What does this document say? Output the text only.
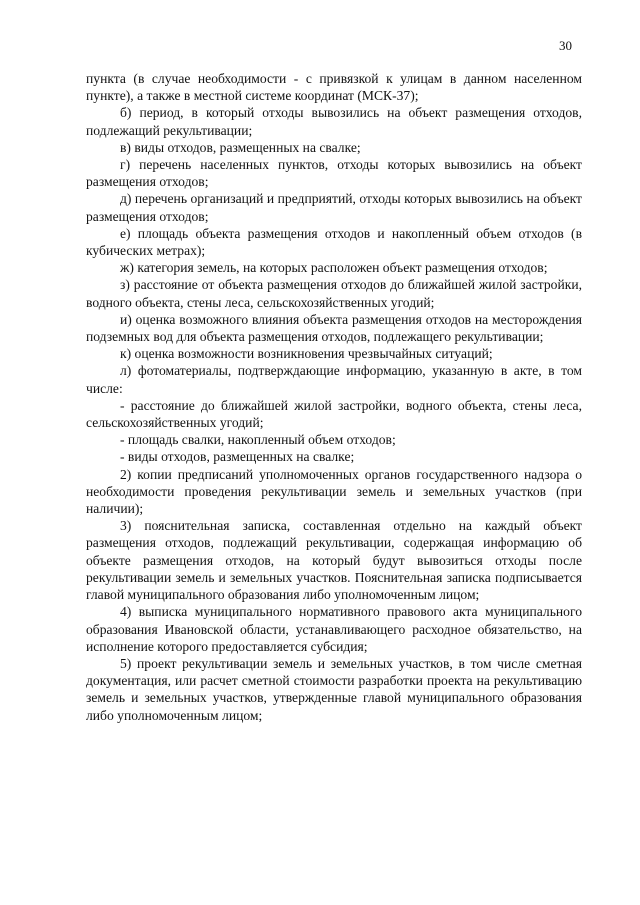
30

пункта (в случае необходимости - с привязкой к улицам в данном населенном пункте), а также в местной системе координат (МСК-37);

б) период, в который отходы вывозились на объект размещения отходов, подлежащий рекультивации;

в) виды отходов, размещенных на свалке;

г) перечень населенных пунктов, отходы которых вывозились на объект размещения отходов;

д) перечень организаций и предприятий, отходы которых вывозились на объект размещения отходов;

е) площадь объекта размещения отходов и накопленный объем отходов (в кубических метрах);

ж) категория земель, на которых расположен объект размещения отходов;

з) расстояние от объекта размещения отходов до ближайшей жилой застройки, водного объекта, стены леса, сельскохозяйственных угодий;

и) оценка возможного влияния объекта размещения отходов на месторождения подземных вод для объекта размещения отходов, подлежащего рекультивации;

к) оценка возможности возникновения чрезвычайных ситуаций;

л) фотоматериалы, подтверждающие информацию, указанную в акте, в том числе:

- расстояние до ближайшей жилой застройки, водного объекта, стены леса, сельскохозяйственных угодий;

- площадь свалки, накопленный объем отходов;

- виды отходов, размещенных на свалке;

2) копии предписаний уполномоченных органов государственного надзора о необходимости проведения рекультивации земель и земельных участков (при наличии);

3) пояснительная записка, составленная отдельно на каждый объект размещения отходов, подлежащий рекультивации, содержащая информацию об объекте размещения отходов, на который будут вывозиться отходы после рекультивации земель и земельных участков. Пояснительная записка подписывается главой муниципального образования либо уполномоченным лицом;

4) выписка муниципального нормативного правового акта муниципального образования Ивановской области, устанавливающего расходное обязательство, на исполнение которого предоставляется субсидия;

5) проект рекультивации земель и земельных участков, в том числе сметная документация, или расчет сметной стоимости разработки проекта на рекультивацию земель и земельных участков, утвержденные главой муниципального образования либо уполномоченным лицом;
